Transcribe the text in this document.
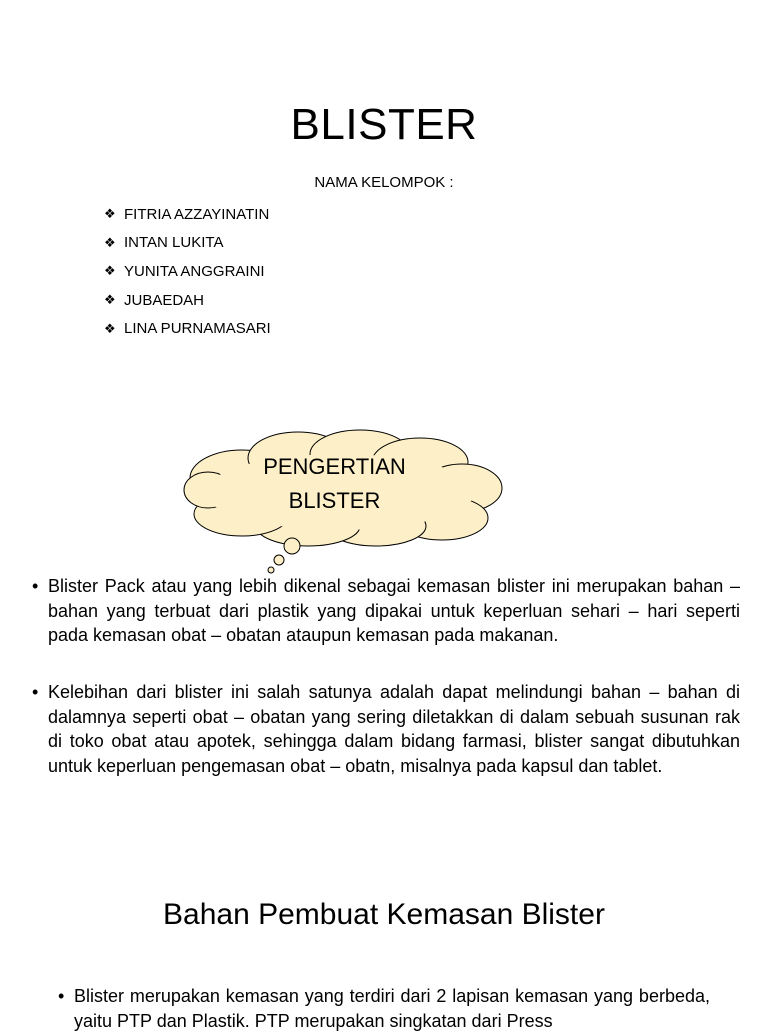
BLISTER
NAMA KELOMPOK :
❖ FITRIA AZZAYINATIN
❖ INTAN LUKITA
❖ YUNITA ANGGRAINI
❖ JUBAEDAH
❖ LINA PURNAMASARI
PENGERTIAN
BLISTER
• Blister Pack atau yang lebih dikenal sebagai kemasan blister ini merupakan bahan – bahan yang terbuat dari plastik yang dipakai untuk keperluan sehari – hari seperti pada kemasan obat – obatan ataupun kemasan pada makanan.
• Kelebihan dari blister ini salah satunya adalah dapat melindungi bahan – bahan di dalamnya seperti obat – obatan yang sering diletakkan di dalam sebuah susunan rak di toko obat atau apotek, sehingga dalam bidang farmasi, blister sangat dibutuhkan untuk keperluan pengemasan obat – obatn, misalnya pada kapsul dan tablet.
Bahan Pembuat Kemasan Blister
• Blister merupakan kemasan yang terdiri dari 2 lapisan kemasan yang berbeda, yaitu PTP dan Plastik. PTP merupakan singkatan dari Press
